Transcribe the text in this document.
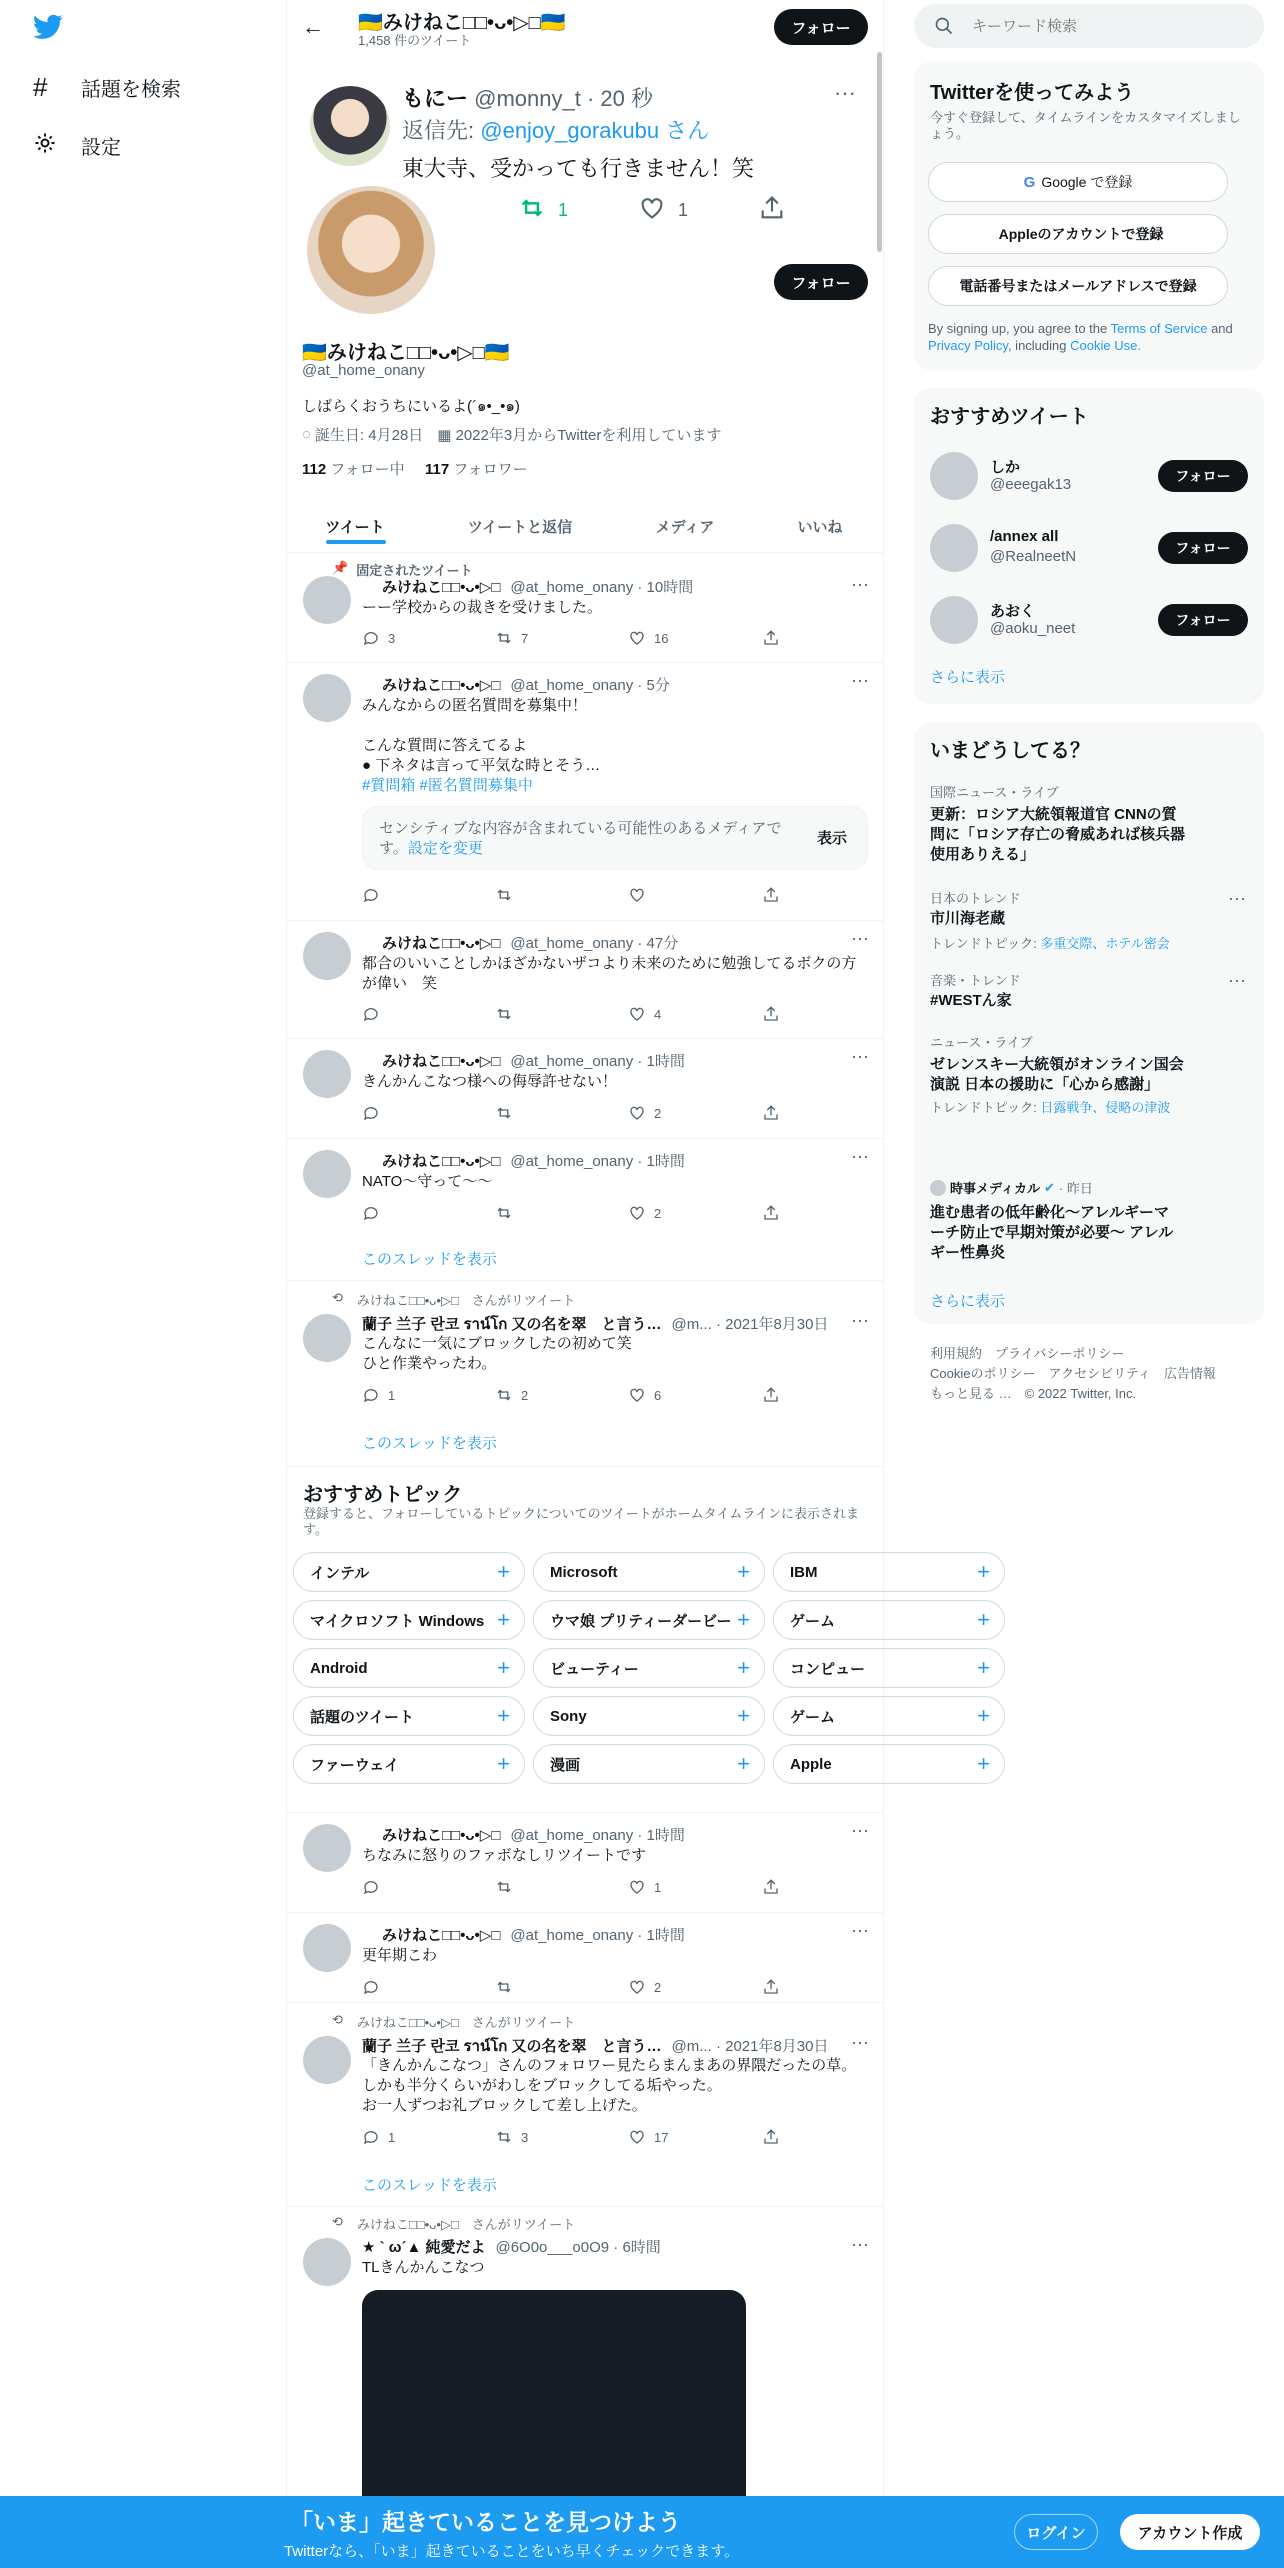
#	話題を検索
設定
← 🇺🇦みけねこ□□•ᴗ•▷□🇺🇦
1,458 件のツイート
フォロー
もにー @monny_t · 20 秒	···
返信先: @enjoy_gorakubu さん
東大寺、受かっても行きません！笑
1	1
フォロー
🇺🇦みけねこ□□•ᴗ•▷□🇺🇦
@at_home_onany
しばらくおうちにいるよ(´๑•_•๑)
◌ 誕生日: 4月28日 ▦ 2022年3月からTwitterを利用しています
112 フォロー中 117 フォロワー
ツイート	ツイートと返信	メディア	いいね
📌 固定されたツイート
みけねこ□□•ᴗ•▷□ @at_home_onany · 10時間	···
ーー学校からの裁きを受けました。
3	7	16
みけねこ□□•ᴗ•▷□ @at_home_onany · 5分	···
みんなからの匿名質問を募集中！

こんな質問に答えてるよ
● 下ネタは言って平気な時とそう…
#質問箱 #匿名質問募集中
センシティブな内容が含まれている可能性のあるメディアです。設定を変更
表示
みけねこ□□•ᴗ•▷□ @at_home_onany · 47分	···
都合のいいことしかほざかないザコより未来のために勉強してるボクの方が偉い　笑
4
みけねこ□□•ᴗ•▷□ @at_home_onany · 1時間	···
きんかんこなつ様への侮辱許せない！
2
みけねこ□□•ᴗ•▷□ @at_home_onany · 1時間	···
NATO〜守って〜〜
2
このスレッドを表示
⟲ みけねこ□□•ᴗ•▷□　さんがリツイート
蘭子 兰子 란코 ราน์โก 又の名を翠　と言う… @m... · 2021年8月30日 ···
こんなに一気にブロックしたの初めて笑
ひと作業やったわ。
1	2	6
このスレッドを表示
おすすめトピック
登録すると、フォローしているトピックについてのツイートがホームタイムラインに表示されます。
インテル	+	Microsoft	+	IBM	+
マイクロソフト Windows +	ウマ娘 プリティーダービー +	ゲーム	+
Android	+	ビューティー	+	コンピュー	+
話題のツイート	+	Sony	+	ゲーム	+
ファーウェイ	+	漫画	+	Apple	+
みけねこ□□•ᴗ•▷□ @at_home_onany · 1時間	···
ちなみに怒りのファボなしリツイートです
1
みけねこ□□•ᴗ•▷□ @at_home_onany · 1時間	···
更年期こわ
2
⟲ みけねこ□□•ᴗ•▷□　さんがリツイート
蘭子 兰子 란코 ราน์โก 又の名を翠　と言う… @m... · 2021年8月30日 ···
「きんかんこなつ」さんのフォロワー見たらまんまあの界隈だったの草。
しかも半分くらいがわしをブロックしてる垢やった。
お一人ずつお礼ブロックして差し上げた。
1	3	17
このスレッドを表示
⟲ みけねこ□□•ᴗ•▷□　さんがリツイート
★ ` ω´▲ 純愛だよ @6O0o___o0O9 · 6時間	···
TLきんかんこなつ
キーワード検索
Twitterを使ってみよう
今すぐ登録して、タイムラインをカスタマイズしましょう。
G Google で登録
Appleのアカウントで登録
電話番号またはメールアドレスで登録
By signing up, you agree to the Terms of Service and Privacy Policy, including Cookie Use.
おすすめツイート
しか
@eeegak13	フォロー
/annex all
@RealneetN	フォロー
あおく
@aoku_neet	フォロー
さらに表示
いまどうしてる？
国際ニュース・ライブ
更新：ロシア大統領報道官 CNNの質問に「ロシア存亡の脅威あれば核兵器使用ありえる」
日本のトレンド
市川海老蔵
トレンドトピック: 多重交際、ホテル密会
···
音楽・トレンド
#WESTん家
···
ニュース・ライブ
ゼレンスキー大統領がオンライン国会演説 日本の援助に「心から感謝」
トレンドトピック: 日露戦争、侵略の津波
時事メディカル ✔ · 昨日
進む患者の低年齢化～アレルギーマーチ防止で早期対策が必要～ アレルギー性鼻炎
さらに表示
利用規約　 プライバシーポリシー
Cookieのポリシー　 アクセシビリティ　 広告情報
もっと見る …　 © 2022 Twitter, Inc.
「いま」起きていることを見つけよう
Twitterなら、「いま」起きていることをいち早くチェックできます。
ログイン	アカウント作成
